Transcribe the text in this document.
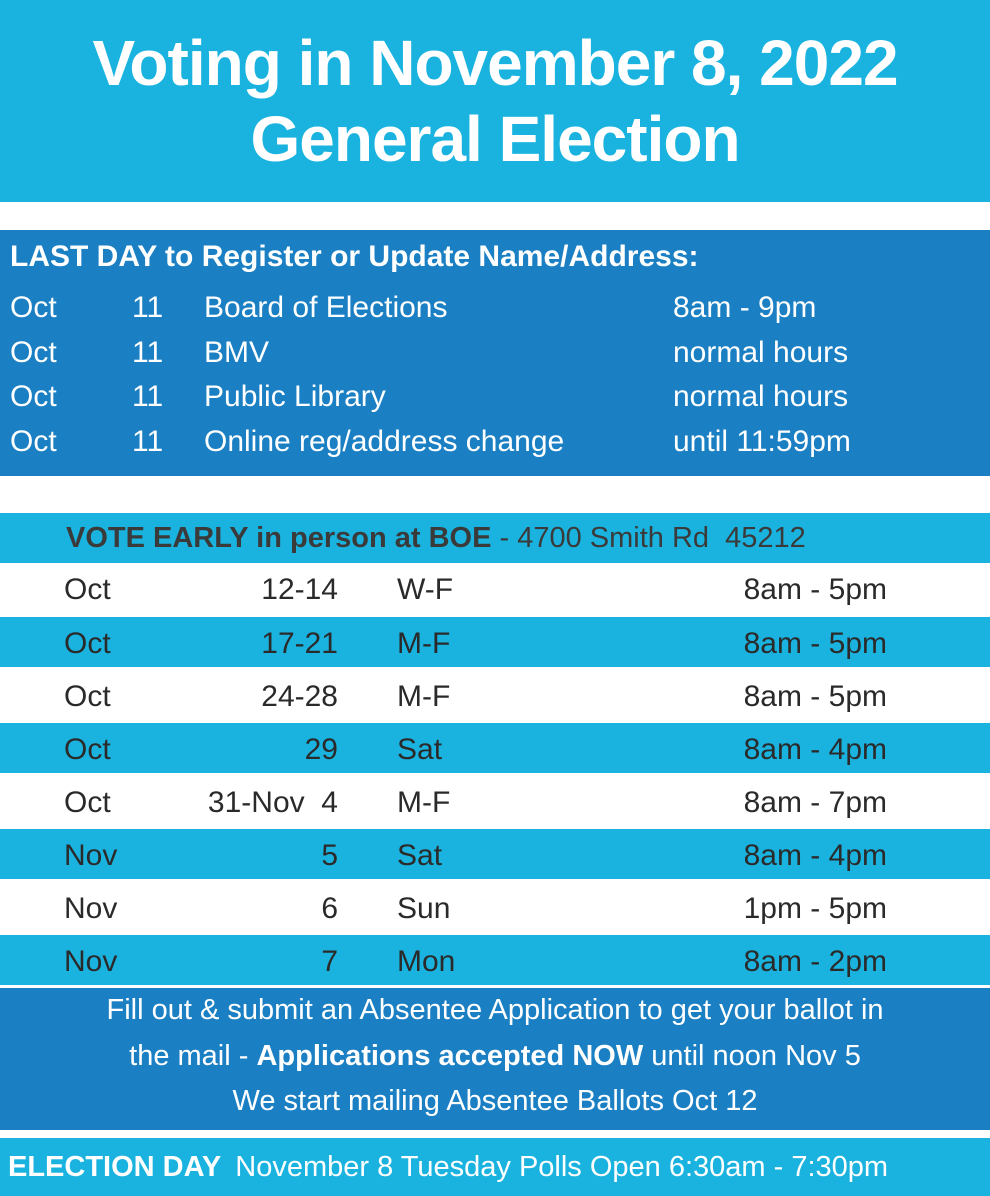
Voting in November 8, 2022
General Election
LAST DAY to Register or Update Name/Address:
Oct	11 Board of Elections	8am - 9pm
Oct	11 BMV	normal hours
Oct	11 Public Library	normal hours
Oct	11 Online reg/address change	until 11:59pm
VOTE EARLY in person at BOE - 4700 Smith Rd  45212
Oct	12-14 W-F	8am - 5pm
Oct	17-21 M-F	8am - 5pm
Oct	24-28 M-F	8am - 5pm
Oct	29 Sat	8am - 4pm
Oct	31-Nov  4 M-F	8am - 7pm
Nov	5 Sat	8am - 4pm
Nov	6 Sun	1pm - 5pm
Nov	7 Mon	8am - 2pm
Fill out & submit an Absentee Application to get your ballot in
the mail - Applications accepted NOW until noon Nov 5
We start mailing Absentee Ballots Oct 12
ELECTION DAY November 8 Tuesday Polls Open 6:30am - 7:30pm
